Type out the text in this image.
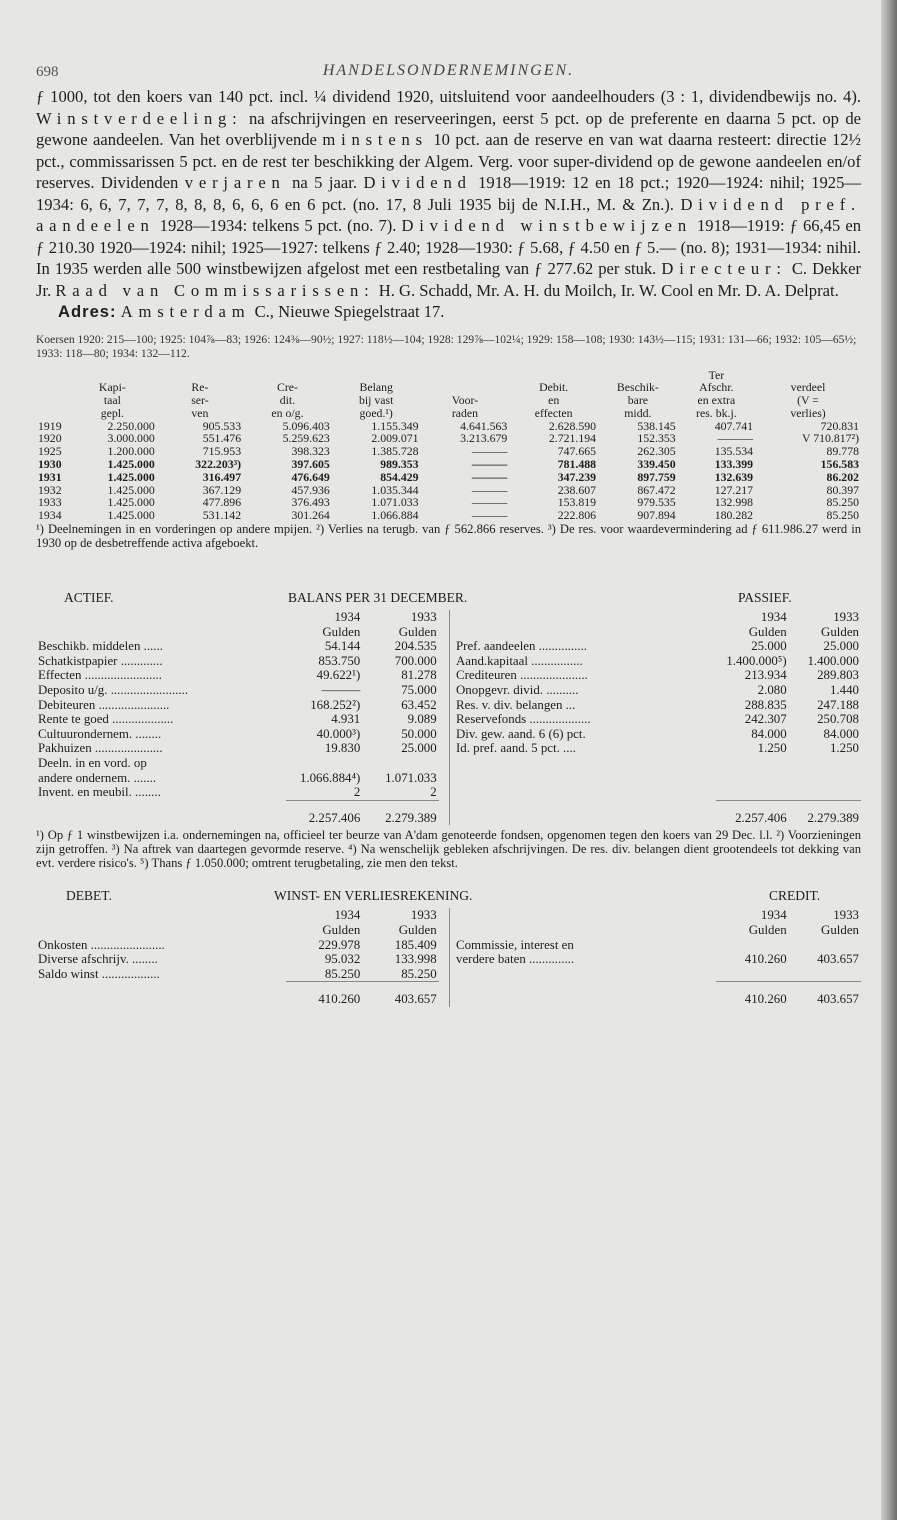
698	HANDELSONDERNEMINGEN.

ƒ 1000, tot den koers van 140 pct. incl. ¼ dividend 1920, uitsluitend voor aandeelhouders (3 : 1, dividendbewijs no. 4). Winstverdeeling: na afschrijvingen en reserveeringen, eerst 5 pct. op de preferente en daarna 5 pct. op de gewone aandeelen. Van het overblijvende minstens 10 pct. aan de reserve en van wat daarna resteert: directie 12½ pct., commissarissen 5 pct. en de rest ter beschikking der Algem. Verg. voor super-dividend op de gewone aandeelen en/of reserves. Dividenden verjaren na 5 jaar. Dividend 1918—1919: 12 en 18 pct.; 1920—1924: nihil; 1925—1934: 6, 6, 7, 7, 7, 8, 8, 8, 6, 6, 6 en 6 pct. (no. 17, 8 Juli 1935 bij de N.I.H., M. & Zn.). Dividend pref. aandeelen 1928—1934: telkens 5 pct. (no. 7). Dividend winstbewijzen 1918—1919: ƒ 66,45 en ƒ 210.30 1920—1924: nihil; 1925—1927: telkens ƒ 2.40; 1928—1930: ƒ 5.68, ƒ 4.50 en ƒ 5.— (no. 8); 1931—1934: nihil. In 1935 werden alle 500 winstbewijzen afgelost met een restbetaling van ƒ 277.62 per stuk. Directeur: C. Dekker Jr. Raad van Commissarissen: H. G. Schadd, Mr. A. H. du Moilch, Ir. W. Cool en Mr. D. A. Delprat.

Adres: Amsterdam C., Nieuwe Spiegelstraat 17.

Koersen 1920: 215—100; 1925: 104⅞—83; 1926: 124⅜—90½; 1927: 118½—104; 1928: 129⅞—102¼; 1929: 158—108; 1930: 143½—115; 1931: 131—66; 1932: 105—65½; 1933: 118—80; 1934: 132—112.
								Ter	
	Kapi-	Re-	Cre-	Belang		Debit.	Beschik-	Afschr.	verdeel
	taal	ser-	dit.	bij vast	Voor-	en	bare	en extra	(V =
	gepl.	ven	en o/g.	goed.¹)	raden	effecten	midd.	res. bk.j.	verlies)
1919	2.250.000	905.533	5.096.403	1.155.349	4.641.563	2.628.590	538.145	407.741	720.831
1920	3.000.000	551.476	5.259.623	2.009.071	3.213.679	2.721.194	152.353	———	V 710.817²)
1925	1.200.000	715.953	398.323	1.385.728	———	747.665	262.305	135.534	89.778
1930	1.425.000	322.203³)	397.605	989.353	———	781.488	339.450	133.399	156.583
1931	1.425.000	316.497	476.649	854.429	———	347.239	897.759	132.639	86.202
1932	1.425.000	367.129	457.936	1.035.344	———	238.607	867.472	127.217	80.397
1933	1.425.000	477.896	376.493	1.071.033	———	153.819	979.535	132.998	85.250
1934	1.425.000	531.142	301.264	1.066.884	———	222.806	907.894	180.282	85.250

¹) Deelnemingen in en vorderingen op andere mpijen. ²) Verlies na terugb. van ƒ 562.866 reserves. ³) De res. voor waardevermindering ad ƒ 611.986.27 werd in 1930 op de desbetreffende activa afgeboekt.

ACTIEF.	BALANS PER 31 DECEMBER.	PASSIEF.
	1934	1933			1934	1933
	Gulden	Gulden			Gulden	Gulden
Beschikb. middelen ......	54.144	204.535		Pref. aandeelen ...............	25.000	25.000
Schatkistpapier .............	853.750	700.000		Aand.kapitaal ................	1.400.000⁵)	1.400.000
Effecten ........................	49.622¹)	81.278		Crediteuren .....................	213.934	289.803
Deposito u/g. ........................	———	75.000		Onopgevr. divid. ..........	2.080	1.440
Debiteuren ......................	168.252²)	63.452		Res. v. div. belangen ...	288.835	247.188
Rente te goed ...................	4.931	9.089		Reservefonds ...................	242.307	250.708
Cultuurondernem. ........	40.000³)	50.000		Div. gew. aand. 6 (6) pct.	84.000	84.000
Pakhuizen .....................	19.830	25.000		Id. pref. aand. 5 pct. ....	1.250	1.250
Deeln. in en vord. op						
andere ondernem. .......	1.066.884⁴)	1.071.033				
Invent. en meubil. ........	2	2				
	2.257.406	2.279.389			2.257.406	2.279.389

¹) Op ƒ 1 winstbewijzen i.a. ondernemingen na, officieel ter beurze van A'dam genoteerde fondsen, opgenomen tegen den koers van 29 Dec. l.l. ²) Voorzieningen zijn getroffen. ³) Na aftrek van daartegen gevormde reserve. ⁴) Na wenschelijk gebleken afschrijvingen. De res. div. belangen dient grootendeels tot dekking van evt. verdere risico's. ⁵) Thans ƒ 1.050.000; omtrent terugbetaling, zie men den tekst.

DEBET.	WINST- EN VERLIESREKENING.	CREDIT.
	1934	1933			1934	1933
	Gulden	Gulden			Gulden	Gulden
Onkosten .......................	229.978	185.409		Commissie, interest en		
Diverse afschrijv. ........	95.032	133.998		verdere baten ..............	410.260	403.657
Saldo winst ..................	85.250	85.250				
	410.260	403.657			410.260	403.657
